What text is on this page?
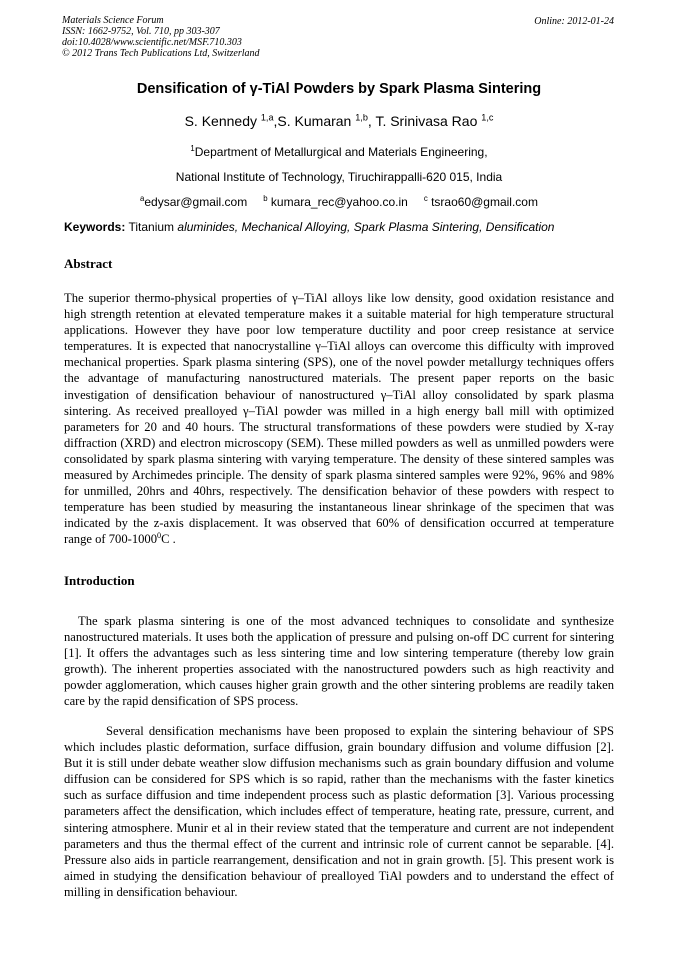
Materials Science Forum
ISSN: 1662-9752, Vol. 710, pp 303-307
doi:10.4028/www.scientific.net/MSF.710.303
© 2012 Trans Tech Publications Ltd, Switzerland
Online: 2012-01-24
Densification of γ-TiAl Powders by Spark Plasma Sintering
S. Kennedy $^{1,a}$,S. Kumaran $^{1,b}$, T. Srinivasa Rao $^{1,c}$
$^1$Department of Metallurgical and Materials Engineering,
National Institute of Technology, Tiruchirappalli-620 015, India
$^a$edysar@gmail.com $^b$ kumara_rec@yahoo.co.in $^c$ tsrao60@gmail.com
Keywords: Titanium aluminides, Mechanical Alloying, Spark Plasma Sintering, Densification
Abstract
The superior thermo-physical properties of γ–TiAl alloys like low density, good oxidation resistance and high strength retention at elevated temperature makes it a suitable material for high temperature structural applications. However they have poor low temperature ductility and poor creep resistance at service temperatures. It is expected that nanocrystalline γ–TiAl alloys can overcome this difficulty with improved mechanical properties. Spark plasma sintering (SPS), one of the novel powder metallurgy techniques offers the advantage of manufacturing nanostructured materials. The present paper reports on the basic investigation of densification behaviour of nanostructured γ–TiAl alloy consolidated by spark plasma sintering. As received prealloyed γ–TiAl powder was milled in a high energy ball mill with optimized parameters for 20 and 40 hours. The structural transformations of these powders were studied by X-ray diffraction (XRD) and electron microscopy (SEM). These milled powders as well as unmilled powders were consolidated by spark plasma sintering with varying temperature. The density of these sintered samples was measured by Archimedes principle. The density of spark plasma sintered samples were 92%, 96% and 98% for unmilled, 20hrs and 40hrs, respectively. The densification behavior of these powders with respect to temperature has been studied by measuring the instantaneous linear shrinkage of the specimen that was indicated by the z-axis displacement. It was observed that 60% of densification occurred at temperature range of 700-1000$^0$C .
Introduction
The spark plasma sintering is one of the most advanced techniques to consolidate and synthesize nanostructured materials. It uses both the application of pressure and pulsing on-off DC current for sintering [1]. It offers the advantages such as less sintering time and low sintering temperature (thereby low grain growth). The inherent properties associated with the nanostructured powders such as high reactivity and powder agglomeration, which causes higher grain growth and the other sintering problems are readily taken care by the rapid densification of SPS process.
Several densification mechanisms have been proposed to explain the sintering behaviour of SPS which includes plastic deformation, surface diffusion, grain boundary diffusion and volume diffusion [2]. But it is still under debate weather slow diffusion mechanisms such as grain boundary diffusion and volume diffusion can be considered for SPS which is so rapid, rather than the mechanisms with the faster kinetics such as surface diffusion and time independent process such as plastic deformation [3]. Various processing parameters affect the densification, which includes effect of temperature, heating rate, pressure, current, and sintering atmosphere. Munir et al in their review stated that the temperature and current are not independent parameters and thus the thermal effect of the current and intrinsic role of current cannot be separable. [4]. Pressure also aids in particle rearrangement, densification and not in grain growth. [5]. This present work is aimed in studying the densification behaviour of prealloyed TiAl powders and to understand the effect of milling in densification behaviour.
